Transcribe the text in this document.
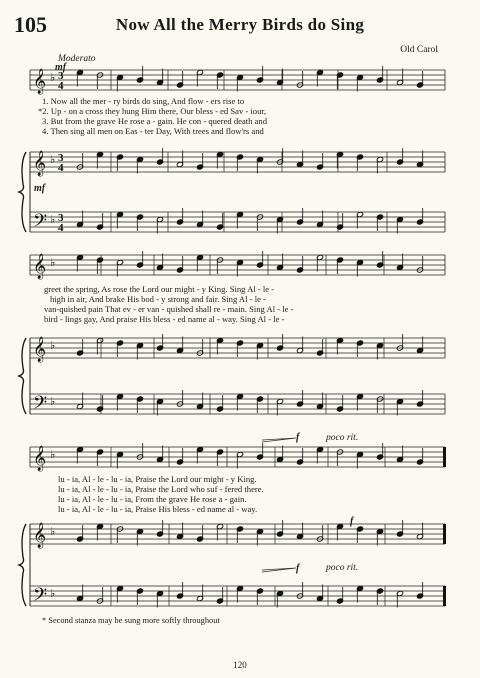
105	Now All the Merry Birds do Sing
Old Carol
Moderato
mf
mf
f	poco rit.
f
f	poco rit.
𝄞 ♭ 3
4
𝄞 ♭ 3
4
𝄢 ♭ 3
4
𝄞 ♭
𝄞 ♭
𝄢 ♭
𝄞 ♭
𝄞 ♭
𝄢 ♭
1. Now all the mer - ry birds do sing, And flow - ers rise to
*2. Up - on a cross they hung Him there, Our bless - ed Sav - iour,
3. But from the grave He rose a - gain. He con - quered death and
4. Then sing all men on Eas - ter Day, With trees and flow'rs and
greet the spring, As rose the Lord our might - y King. Sing Al - le -
high in air, And brake His bod - y strong and fair. Sing Al - le -
van-quished pain That ev - er van - quished shall re - main. Sing Al - le -
bird - lings gay, And praise His bless - ed name al - way. Sing Al - le -
lu - ia, Al - le - lu - ia, Praise the Lord our might - y King.
lu - ia, Al - le - lu - ia, Praise the Lord who suf - fered there.
lu - ia, Al - le - lu - ia, From the grave He rose a - gain.
lu - ia, Al - le - lu - ia, Praise His bless - ed name al - way.
* Second stanza may be sung more softly throughout
120
